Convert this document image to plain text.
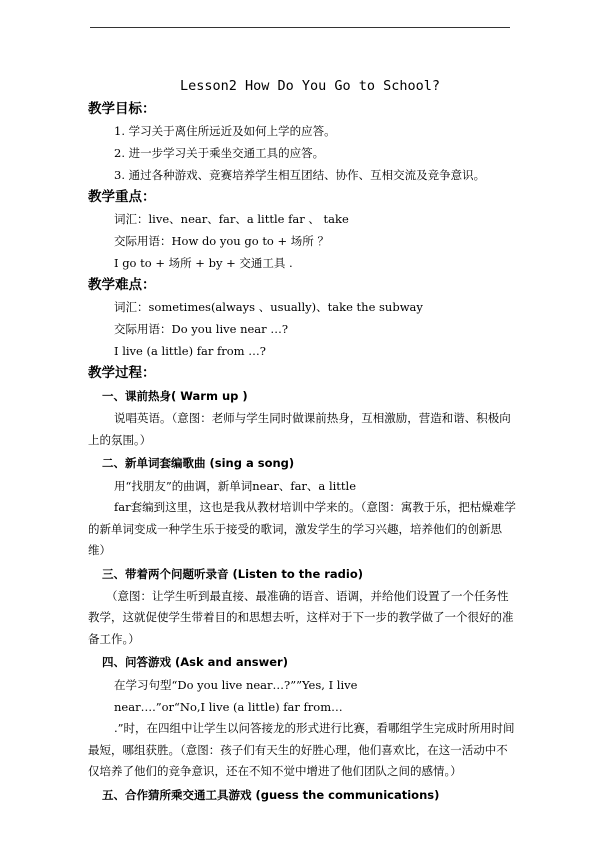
Lesson2 How Do You Go to School?
教学目标：
1. 学习关于离住所远近及如何上学的应答。
2. 进一步学习关于乘坐交通工具的应答。
3. 通过各种游戏、竞赛培养学生相互团结、协作、互相交流及竞争意识。
教学重点：
词汇：live、near、far、a little far 、 take
交际用语：How do you go to + 场所 ？
I go to + 场所 + by + 交通工具 .
教学难点：
词汇：sometimes(always 、usually)、take the subway
交际用语：Do you live near …?
I live (a little) far from …?
教学过程：
一、课前热身( Warm up )
说唱英语。（意图：老师与学生同时做课前热身，互相激励，营造和谐、积极向上的氛围。）
二、新单词套编歌曲 (sing a song)
用“找朋友”的曲调，新单词near、far、a little
far套编到这里，这也是我从教材培训中学来的。（意图：寓教于乐，把枯燥难学的新单词变成一种学生乐于接受的歌词，激发学生的学习兴趣，培养他们的创新思维）
三、带着两个问题听录音 (Listen to the radio)
（意图：让学生听到最直接、最准确的语音、语调，并给他们设置了一个任务性教学，这就促使学生带着目的和思想去听，这样对于下一步的教学做了一个很好的准备工作。）
四、问答游戏 (Ask and answer)
在学习句型“Do you live near…?””Yes, I live
near….”or“No,I live (a little) far from…
.”时，在四组中让学生以问答接龙的形式进行比赛，看哪组学生完成时所用时间最短，哪组获胜。（意图：孩子们有天生的好胜心理，他们喜欢比，在这一活动中不仅培养了他们的竞争意识，还在不知不觉中增进了他们团队之间的感情。）
五、合作猜所乘交通工具游戏 (guess the communications)
